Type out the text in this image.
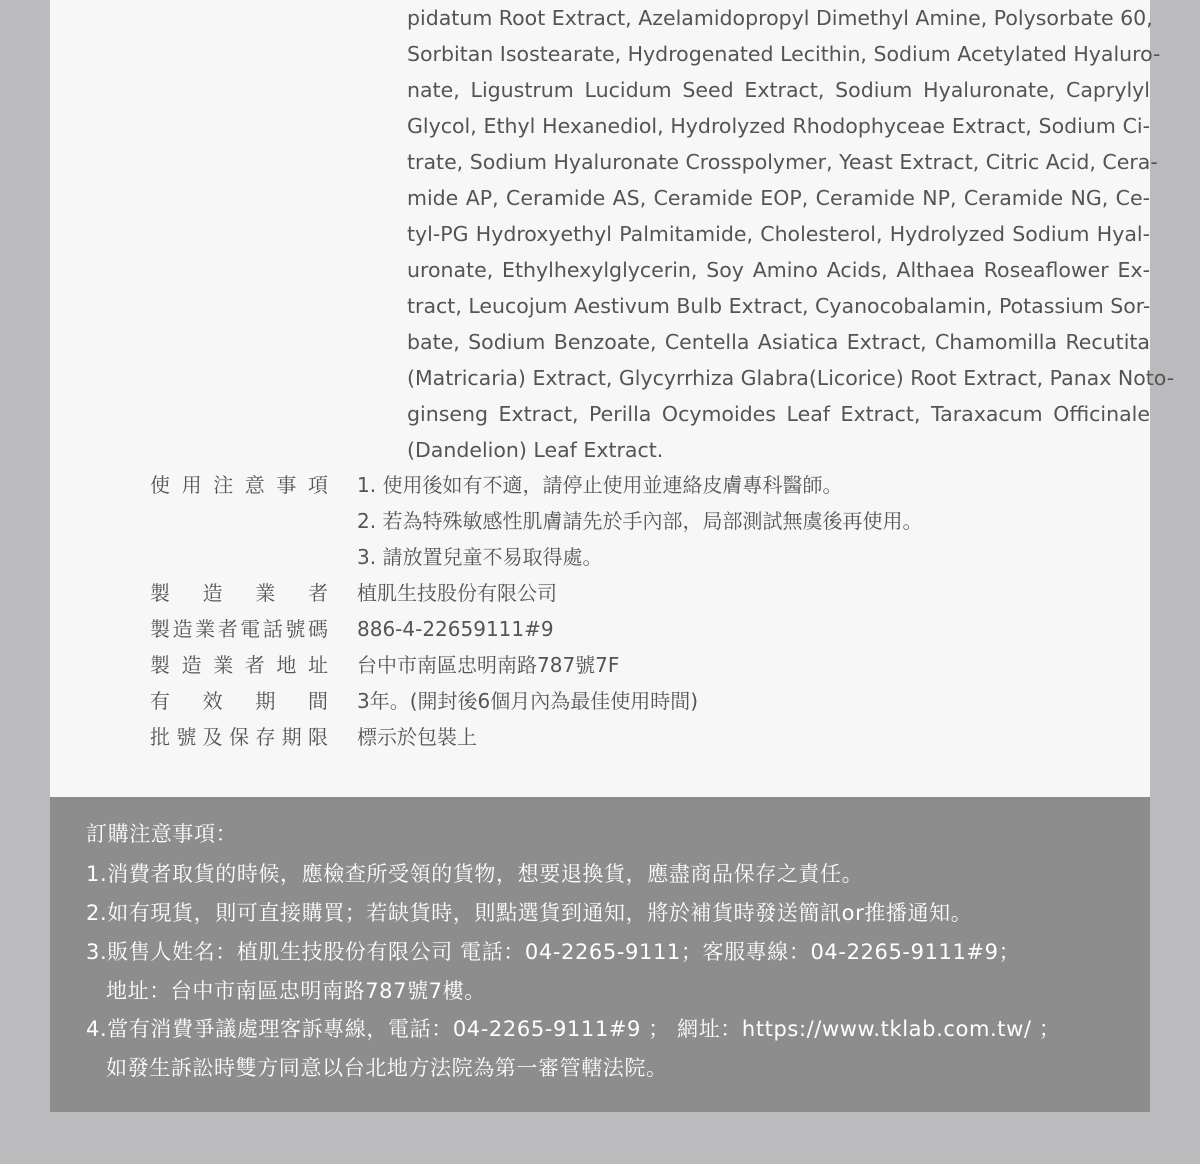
pidatum Root Extract, Azelamidopropyl Dimethyl Amine, Polysorbate 60,
Sorbitan Isostearate, Hydrogenated Lecithin, Sodium Acetylated Hyaluro-
nate, Ligustrum Lucidum Seed Extract, Sodium Hyaluronate, Caprylyl
Glycol, Ethyl Hexanediol, Hydrolyzed Rhodophyceae Extract, Sodium Ci-
trate, Sodium Hyaluronate Crosspolymer, Yeast Extract, Citric Acid, Cera-
mide AP, Ceramide AS, Ceramide EOP, Ceramide NP, Ceramide NG, Ce-
tyl-PG Hydroxyethyl Palmitamide, Cholesterol, Hydrolyzed Sodium Hyal-
uronate, Ethylhexylglycerin, Soy Amino Acids, Althaea Roseaflower Ex-
tract, Leucojum Aestivum Bulb Extract, Cyanocobalamin, Potassium Sor-
bate, Sodium Benzoate, Centella Asiatica Extract, Chamomilla Recutita
(Matricaria) Extract, Glycyrrhiza Glabra(Licorice) Root Extract, Panax Noto-
ginseng Extract, Perilla Ocymoides Leaf Extract, Taraxacum Officinale
(Dandelion) Leaf Extract.
使用注意事項 1. 使用後如有不適，請停止使用並連絡皮膚專科醫師。
2. 若為特殊敏感性肌膚請先於手內部，局部測試無虞後再使用。
3. 請放置兒童不易取得處。
製造業者 植肌生技股份有限公司
製造業者電話號碼 886-4-22659111#9
製造業者地址 台中市南區忠明南路787號7F
有效期間 3年。(開封後6個月內為最佳使用時間)
批號及保存期限 標示於包裝上
訂購注意事項：
1.消費者取貨的時候，應檢查所受領的貨物，想要退換貨，應盡商品保存之責任。
2.如有現貨，則可直接購買；若缺貨時，則點選貨到通知，將於補貨時發送簡訊or推播通知。
3.販售人姓名：植肌生技股份有限公司 電話：04-2265-9111；客服專線：04-2265-9111#9；
地址：台中市南區忠明南路787號7樓。
4.當有消費爭議處理客訴專線，電話：04-2265-9111#9 ； 網址：https://www.tklab.com.tw/ ；
如發生訴訟時雙方同意以台北地方法院為第一審管轄法院。
